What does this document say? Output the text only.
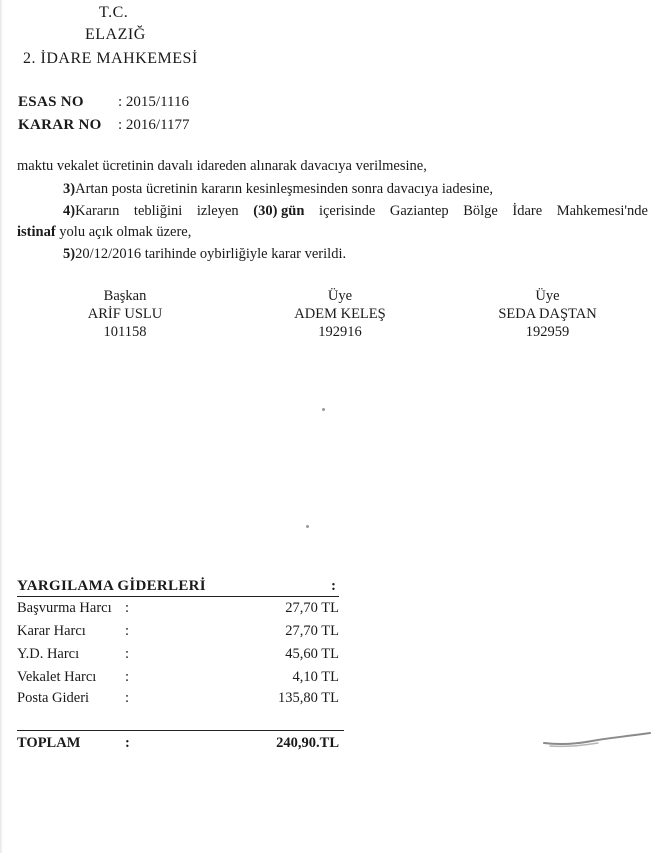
T.C.
ELAZIĞ
2. İDARE MAHKEMESİ
ESAS NO : 2015/1116
KARAR NO : 2016/1177
maktu vekalet ücretinin davalı idareden alınarak davacıya verilmesine,
3)Artan posta ücretinin kararın kesinleşmesinden sonra davacıya iadesine,
4)Kararın tebliğini izleyen (30) gün içerisinde Gaziantep Bölge İdare Mahkemesi'nde
istinaf yolu açık olmak üzere,
5)20/12/2016 tarihinde oybirliğiyle karar verildi.
Başkan
ARİF USLU
101158
Üye
ADEM KELEŞ
192916
Üye
SEDA DAŞTAN
192959
YARGILAMA GİDERLERİ	:
Başvurma Harcı :	27,70 TL
Karar Harcı	:	27,70 TL
Y.D. Harcı	:	45,60 TL
Vekalet Harcı :	4,10 TL
Posta Gideri :	135,80 TL
TOPLAM	:	240,90.TL
